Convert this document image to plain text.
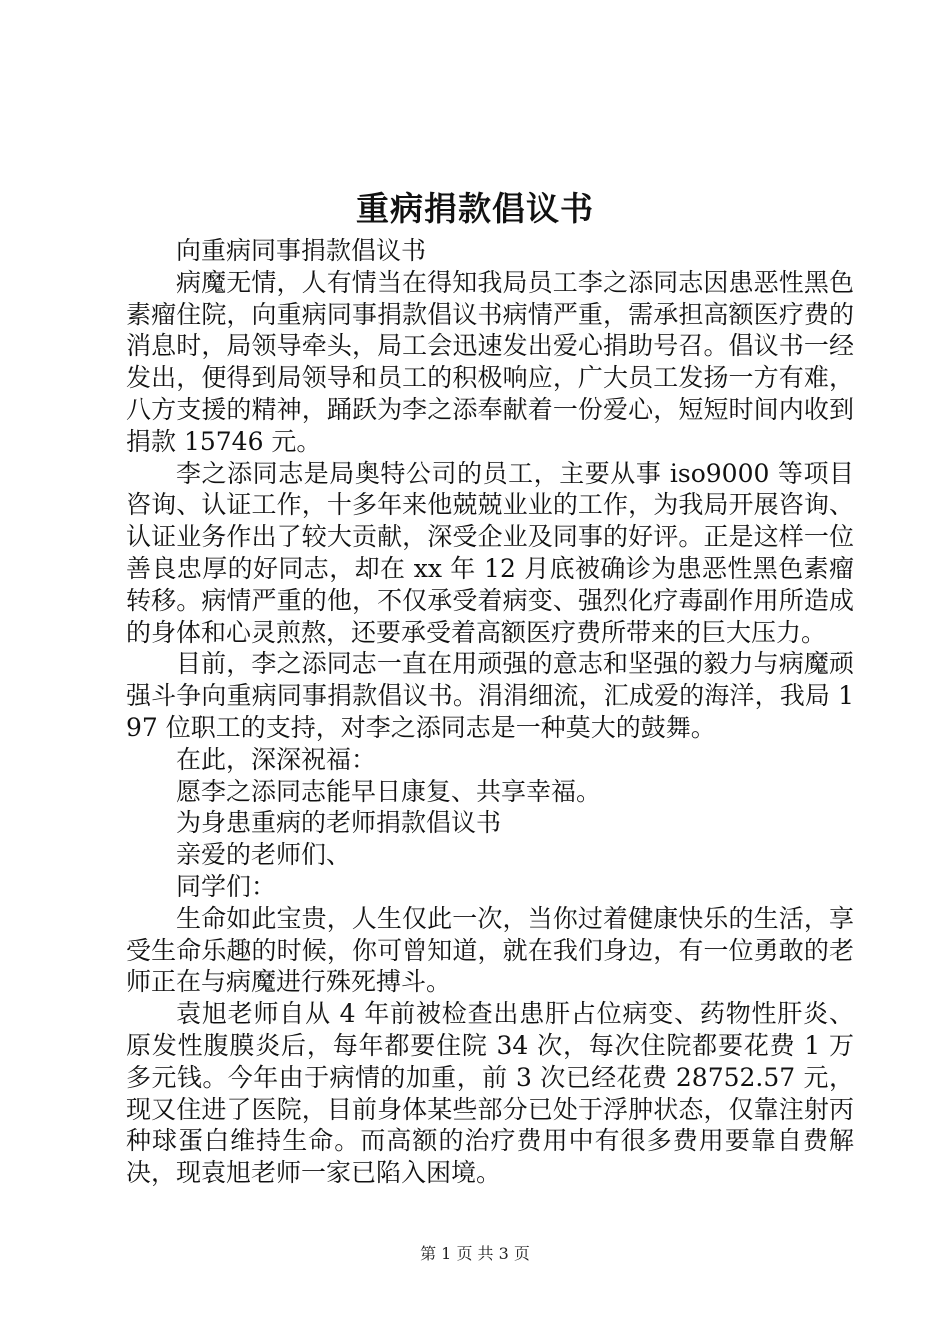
重病捐款倡议书

向重病同事捐款倡议书

病魔无情，人有情当在得知我局员工李之添同志因患恶性黑色素瘤住院，向重病同事捐款倡议书病情严重，需承担高额医疗费的消息时，局领导牵头，局工会迅速发出爱心捐助号召。倡议书一经发出，便得到局领导和员工的积极响应，广大员工发扬一方有难，八方支援的精神，踊跃为李之添奉献着一份爱心，短短时间内收到捐款 15746 元。

李之添同志是局奥特公司的员工，主要从事 iso9000 等项目咨询、认证工作，十多年来他兢兢业业的工作，为我局开展咨询、认证业务作出了较大贡献，深受企业及同事的好评。正是这样一位善良忠厚的好同志，却在 xx 年 12 月底被确诊为患恶性黑色素瘤转移。病情严重的他，不仅承受着病变、强烈化疗毒副作用所造成的身体和心灵煎熬，还要承受着高额医疗费所带来的巨大压力。

目前，李之添同志一直在用顽强的意志和坚强的毅力与病魔顽强斗争向重病同事捐款倡议书。涓涓细流，汇成爱的海洋，我局 197 位职工的支持，对李之添同志是一种莫大的鼓舞。

在此，深深祝福：

愿李之添同志能早日康复、共享幸福。

为身患重病的老师捐款倡议书

亲爱的老师们、

同学们：

生命如此宝贵，人生仅此一次，当你过着健康快乐的生活，享受生命乐趣的时候，你可曾知道，就在我们身边，有一位勇敢的老师正在与病魔进行殊死搏斗。

袁旭老师自从 4 年前被检查出患肝占位病变、药物性肝炎、原发性腹膜炎后，每年都要住院 34 次，每次住院都要花费 1 万多元钱。今年由于病情的加重，前 3 次已经花费 28752.57 元，现又住进了医院，目前身体某些部分已处于浮肿状态，仅靠注射丙种球蛋白维持生命。而高额的治疗费用中有很多费用要靠自费解决，现袁旭老师一家已陷入困境。

第 1 页 共 3 页
